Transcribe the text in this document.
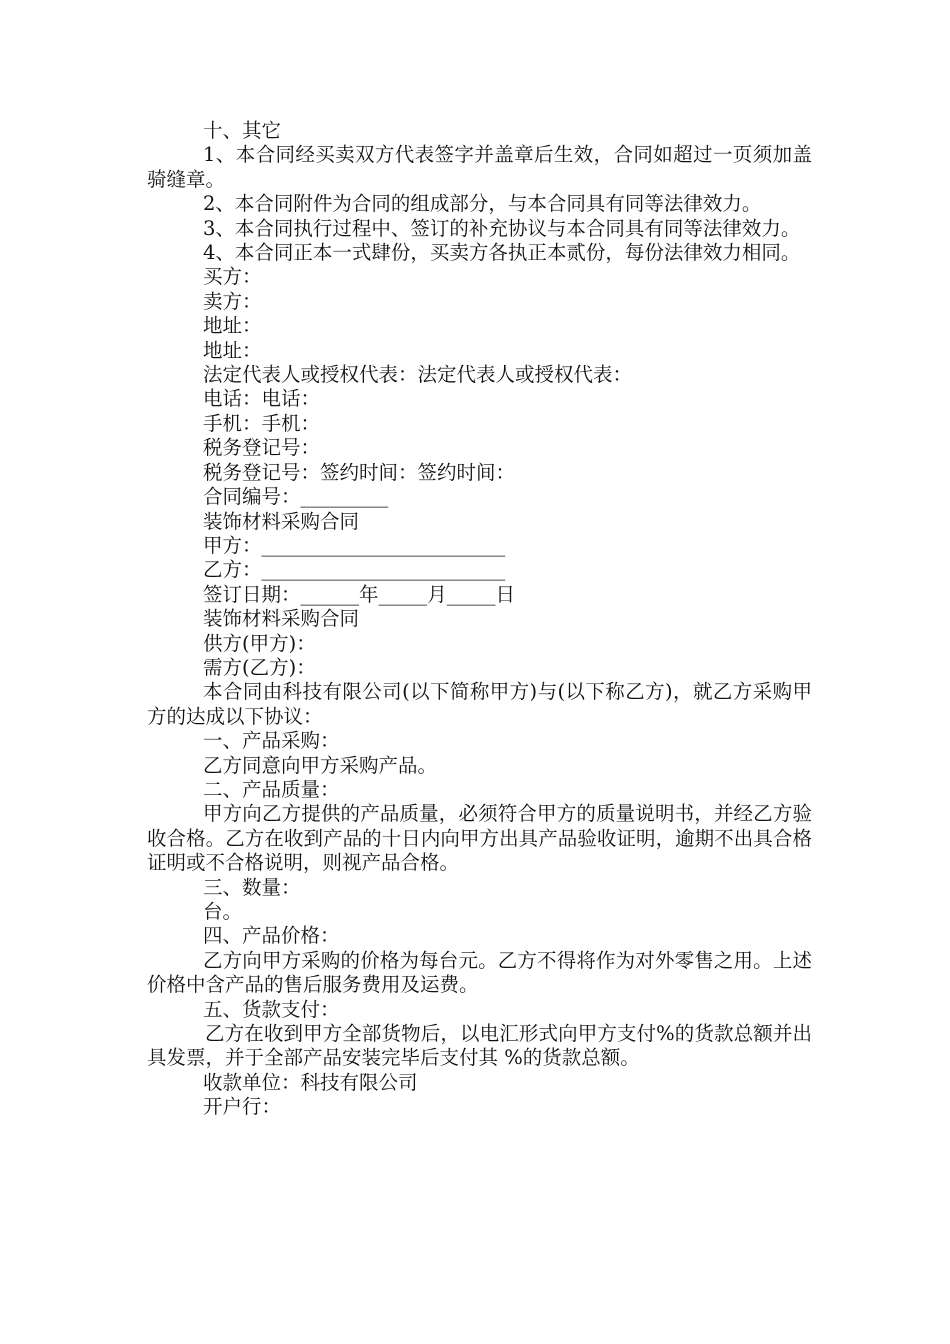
十、其它

1、本合同经买卖双方代表签字并盖章后生效，合同如超过一页须加盖骑缝章。

2、本合同附件为合同的组成部分，与本合同具有同等法律效力。

3、本合同执行过程中、签订的补充协议与本合同具有同等法律效力。

4、本合同正本一式肆份，买卖方各执正本贰份，每份法律效力相同。

买方：

卖方：

地址：

地址：

法定代表人或授权代表：法定代表人或授权代表：

电话：电话：

手机：手机：

税务登记号：

税务登记号：签约时间：签约时间：

合同编号：_________

装饰材料采购合同

甲方：_________________________

乙方：_________________________

签订日期：______年_____月_____日

装饰材料采购合同

供方(甲方)：

需方(乙方)：

本合同由科技有限公司(以下简称甲方)与(以下称乙方)，就乙方采购甲方的达成以下协议：

一、产品采购：

乙方同意向甲方采购产品。

二、产品质量：

甲方向乙方提供的产品质量，必须符合甲方的质量说明书，并经乙方验收合格。乙方在收到产品的十日内向甲方出具产品验收证明，逾期不出具合格证明或不合格说明，则视产品合格。

三、数量：

台。

四、产品价格：

乙方向甲方采购的价格为每台元。乙方不得将作为对外零售之用。上述价格中含产品的售后服务费用及运费。

五、货款支付：

乙方在收到甲方全部货物后，以电汇形式向甲方支付%的货款总额并出具发票，并于全部产品安装完毕后支付其 %的货款总额。

收款单位：科技有限公司

开户行：
